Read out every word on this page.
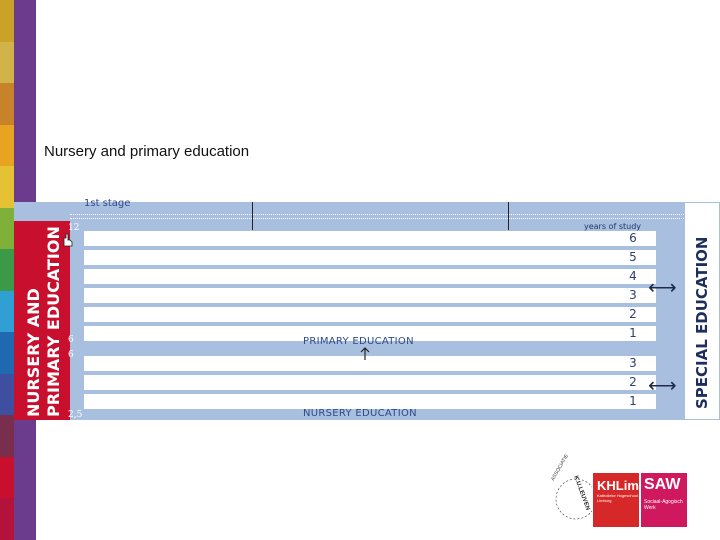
Nursery and primary education
1st stage
years of study
NURSERY AND PRIMARY EDUCATION 12
6
6
2,5
6
5
4
3
2
1
3
2
1
PRIMARY EDUCATION
NURSERY EDUCATION
⟷
⟷ SPECIAL EDUCATION
ASSOCIATIE
K.U.LEUVEN KHLim
Katholieke Hogeschool Limburg
SAW
Sociaal-Agogisch Werk
